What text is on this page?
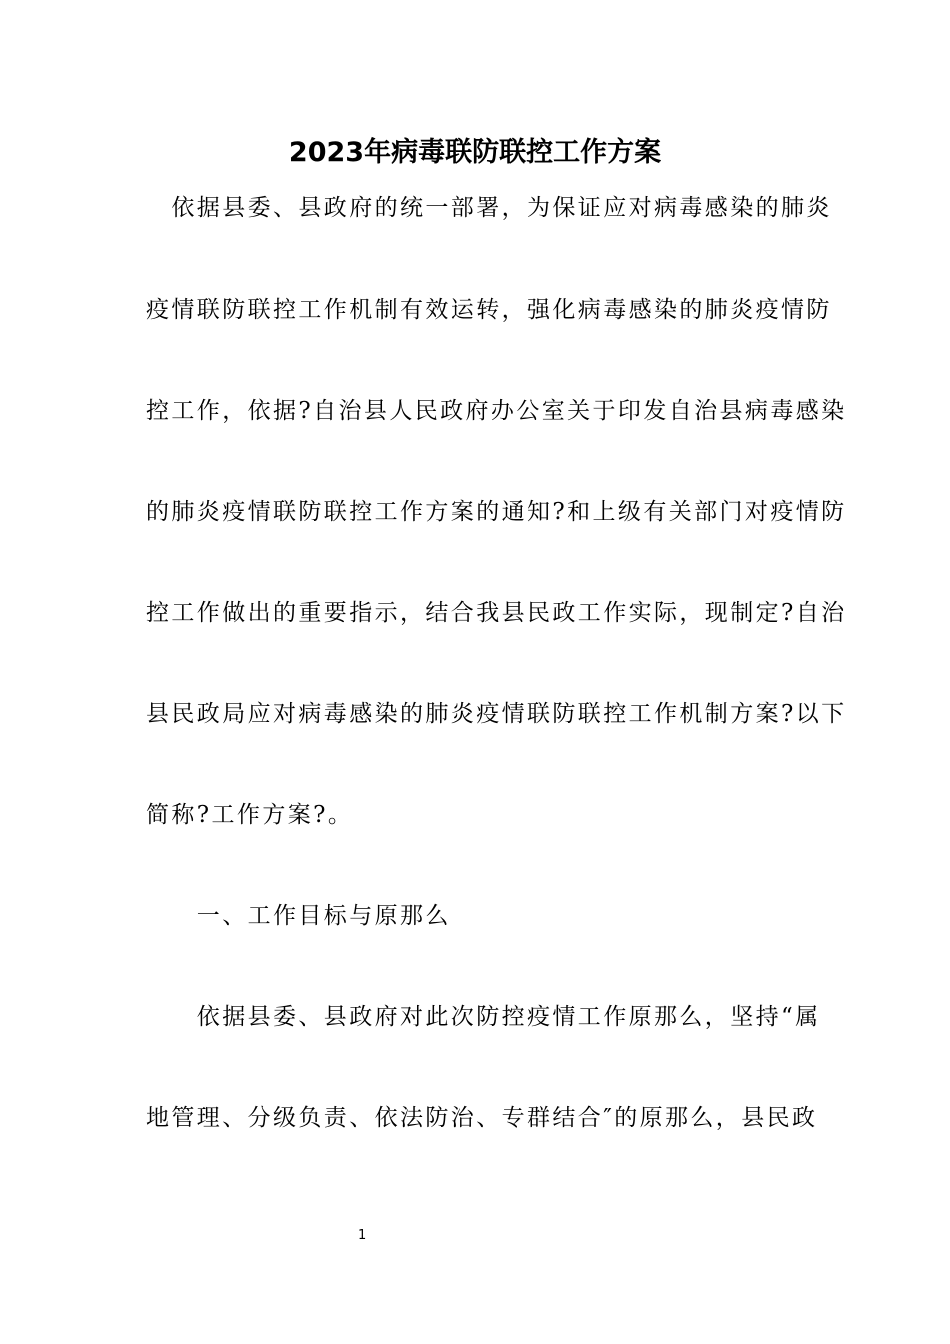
2023年病毒联防联控工作方案
　依据县委、县政府的统一部署，为保证应对病毒感染的肺炎
疫情联防联控工作机制有效运转，强化病毒感染的肺炎疫情防
控工作，依据?自治县人民政府办公室关于印发自治县病毒感染
的肺炎疫情联防联控工作方案的通知?和上级有关部门对疫情防
控工作做出的重要指示，结合我县民政工作实际，现制定?自治
县民政局应对病毒感染的肺炎疫情联防联控工作机制方案?以下
简称?工作方案?。
　　一、工作目标与原那么
　　依据县委、县政府对此次防控疫情工作原那么，坚持“属
地管理、分级负责、依法防治、专群结合″的原那么，县民政
1
